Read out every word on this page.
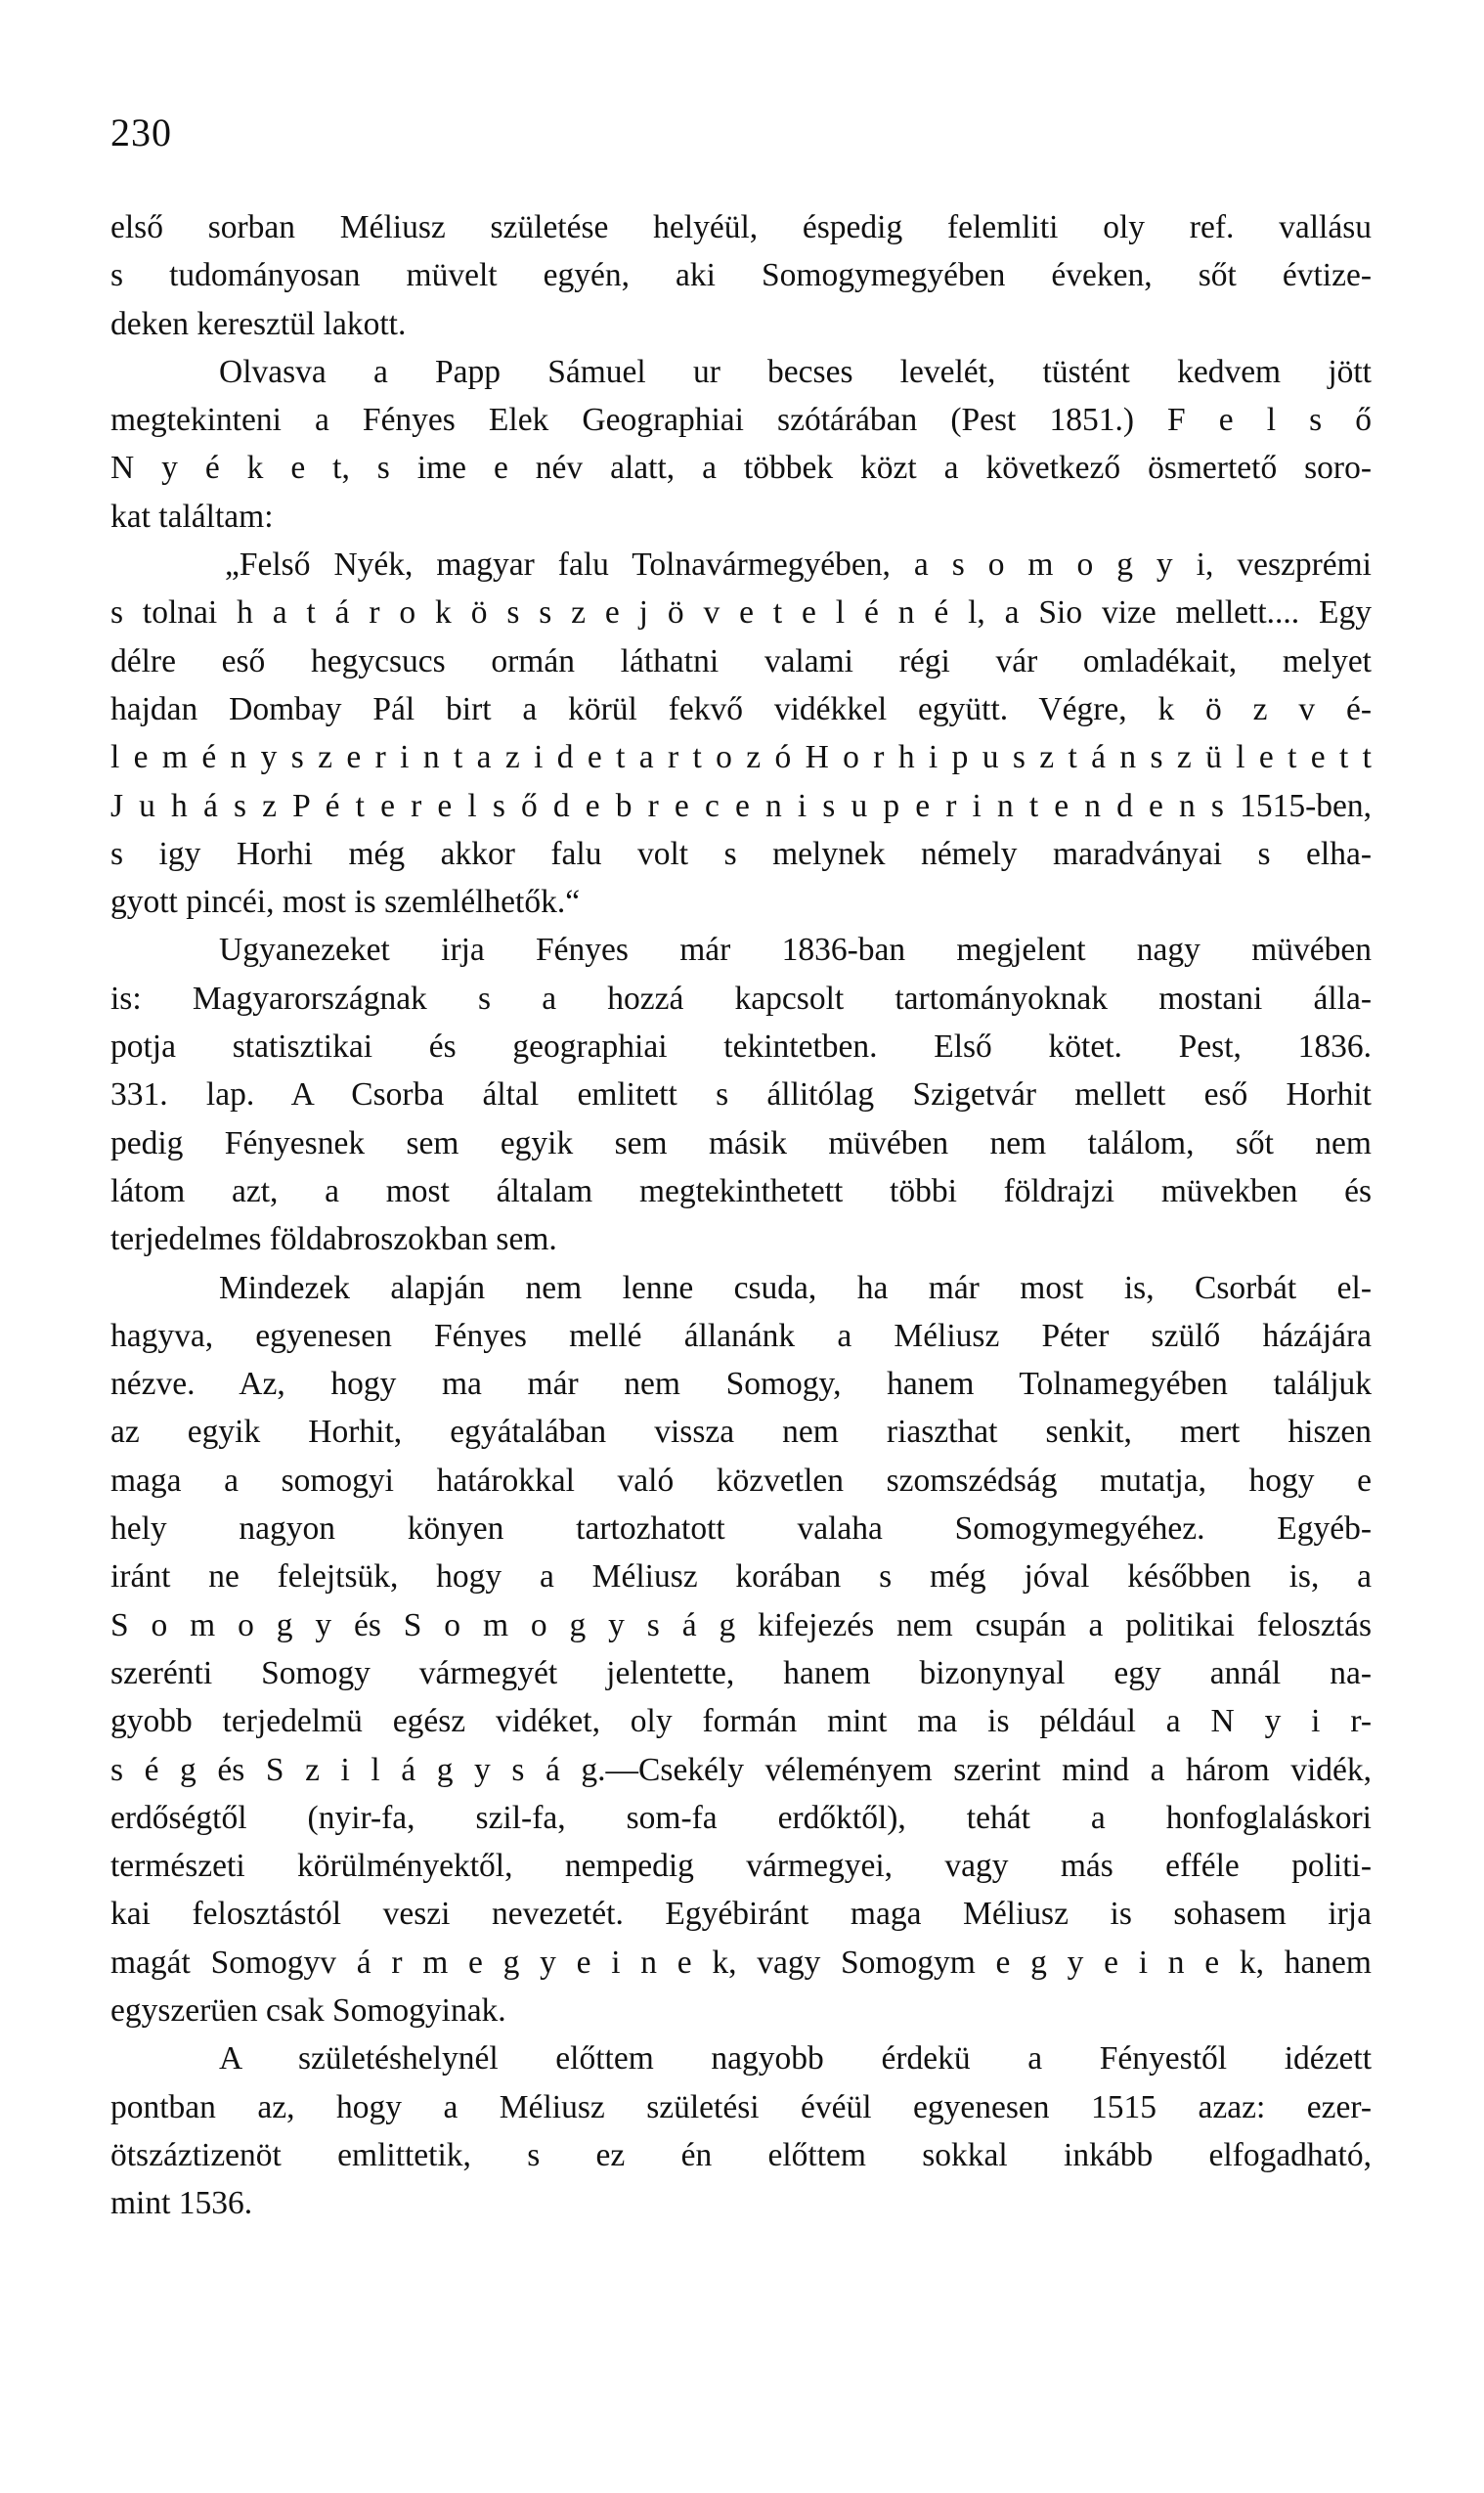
230
első sorban Méliusz születése helyéül, éspedig felemliti oly ref. vallásu
s tudományosan müvelt egyén, aki Somogymegyében éveken, sőt évtize-
deken keresztül lakott.
Olvasva a Papp Sámuel ur becses levelét, tüstént kedvem jött
megtekinteni a Fényes Elek Geographiai szótárában (Pest 1851.) F e l s ő
N y é k e t, s ime e név alatt, a többek közt a következő ösmertető soro-
kat találtam:
„Felső Nyék, magyar falu Tolnavármegyében, a s o m o g y i, veszprémi
s tolnai h a t á r o k ö s s z e j ö v e t e l é n é l, a Sio vize mellett.... Egy
délre eső hegycsucs ormán láthatni valami régi vár omladékait, melyet
hajdan Dombay Pál birt a körül fekvő vidékkel együtt. Végre, k ö z v é-
l e m é n y s z e r i n t a z i d e t a r t o z ó H o r h i p u s z t á n s z ü l e t e t t
J u h á s z P é t e r e l s ő d e b r e c e n i s u p e r i n t e n d e n s 1515-ben,
s igy Horhi még akkor falu volt s melynek némely maradványai s elha-
gyott pincéi, most is szemlélhetők.“
Ugyanezeket irja Fényes már 1836-ban megjelent nagy müvében
is: Magyarországnak s a hozzá kapcsolt tartományoknak mostani álla-
potja statisztikai és geographiai tekintetben. Első kötet. Pest, 1836.
331. lap. A Csorba által emlitett s állitólag Szigetvár mellett eső Horhit
pedig Fényesnek sem egyik sem másik müvében nem találom, sőt nem
látom azt, a most általam megtekinthetett többi földrajzi müvekben és
terjedelmes földabroszokban sem.
Mindezek alapján nem lenne csuda, ha már most is, Csorbát el-
hagyva, egyenesen Fényes mellé állanánk a Méliusz Péter szülő házájára
nézve. Az, hogy ma már nem Somogy, hanem Tolnamegyében találjuk
az egyik Horhit, egyátalában vissza nem riaszthat senkit, mert hiszen
maga a somogyi határokkal való közvetlen szomszédság mutatja, hogy e
hely nagyon könyen tartozhatott valaha Somogymegyéhez. Egyéb-
iránt ne felejtsük, hogy a Méliusz korában s még jóval későbben is, a
S o m o g y és S o m o g y s á g kifejezés nem csupán a politikai felosztás
szerénti Somogy vármegyét jelentette, hanem bizonynyal egy annál na-
gyobb terjedelmü egész vidéket, oly formán mint ma is például a N y i r-
s é g és S z i l á g y s á g.—Csekély véleményem szerint mind a három vidék,
erdőségtől (nyir-fa, szil-fa, som-fa erdőktől), tehát a honfoglaláskori
természeti körülményektől, nempedig vármegyei, vagy más efféle politi-
kai felosztástól veszi nevezetét. Egyébiránt maga Méliusz is sohasem irja
magát Somogyv á r m e g y e i n e k, vagy Somogym e g y e i n e k, hanem
egyszerüen csak Somogyinak.
A születéshelynél előttem nagyobb érdekü a Fényestől idézett
pontban az, hogy a Méliusz születési évéül egyenesen 1515 azaz: ezer-
ötszáztizenöt emlittetik, s ez én előttem sokkal inkább elfogadható,
mint 1536.
